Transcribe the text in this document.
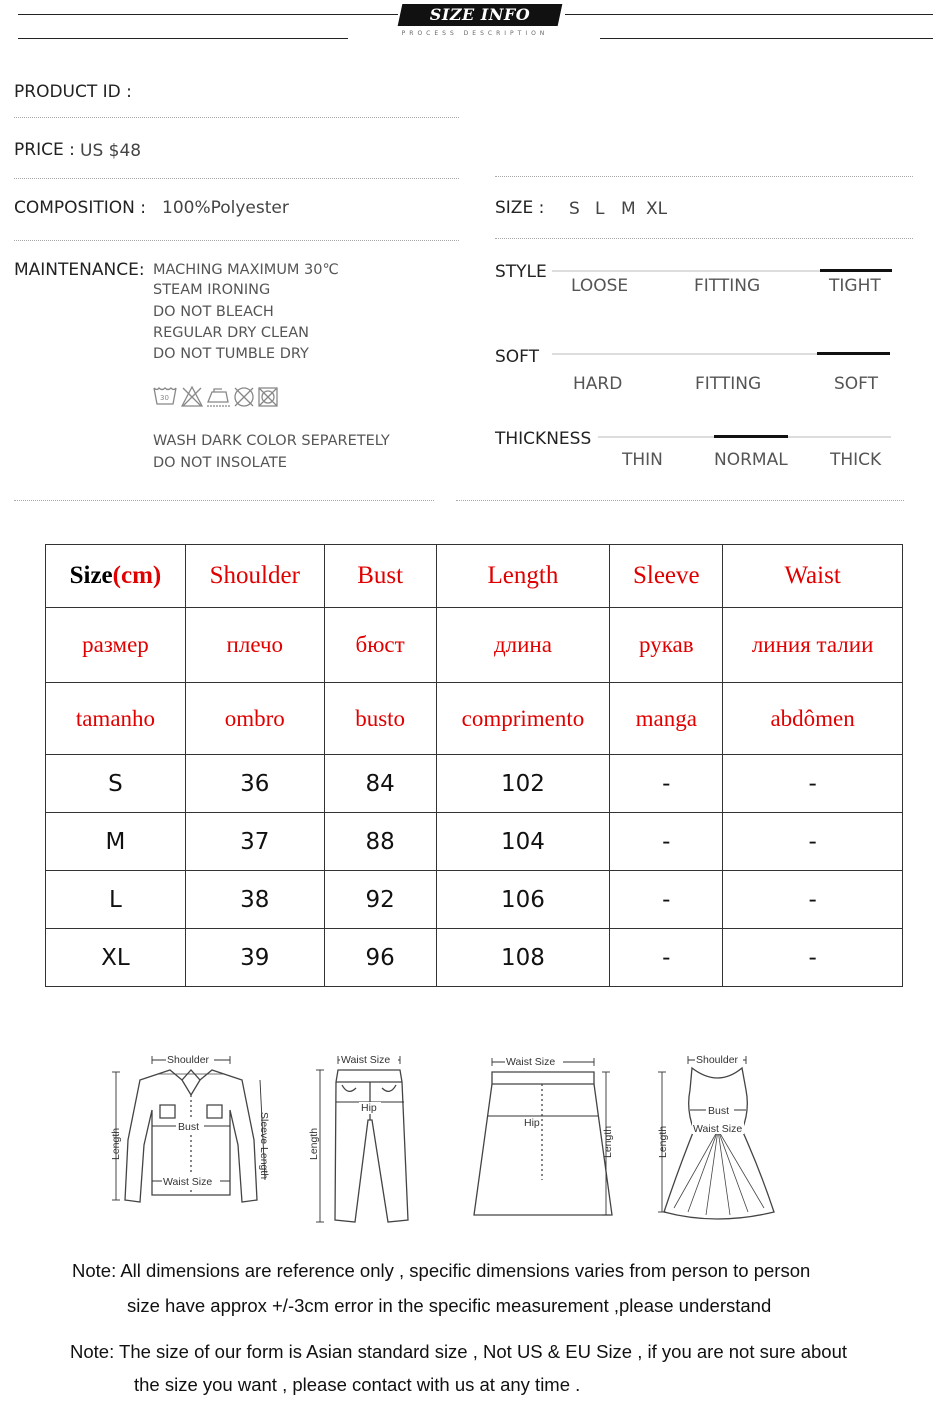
SIZE INFO
PROCESS DESCRIPTION
PRODUCT ID :
PRICE : US $48
COMPOSITION : 100%Polyester	SIZE : S L M XL
MAINTENANCE: MACHING MAXIMUM 30℃
STEAM IRONING
DO NOT BLEACH
REGULAR DRY CLEAN
DO NOT TUMBLE DRY
30
WASH DARK COLOR SEPARETELY
DO NOT INSOLATE
STYLE
LOOSE	FITTING	TIGHT
SOFT
HARD	FITTING	SOFT
THICKNESS
THIN	NORMAL THICK
Size(cm)	Shoulder	Bust	Length	Sleeve	Waist
размер	плечо	бюст	длина	рукав	линия талии
tamanho	ombro	busto	comprimento	manga	abdômen
S	36	84	102	-	-
M	37	88	104	-	-
L	38	92	106	-	-
XL	39	96	108	-	-
Shoulder
Bust
Waist Size
Length	Sleeve Length
Waist Size
Hip
Length
Waist Size
Hip
Length
Shoulder
Bust
Waist Size
Length
Note: All dimensions are reference only , specific dimensions varies from person to person
size have approx +/-3cm error in the specific measurement ,please understand
Note: The size of our form is Asian standard size , Not US & EU Size , if you are not sure about
the size you want , please contact with us at any time .
